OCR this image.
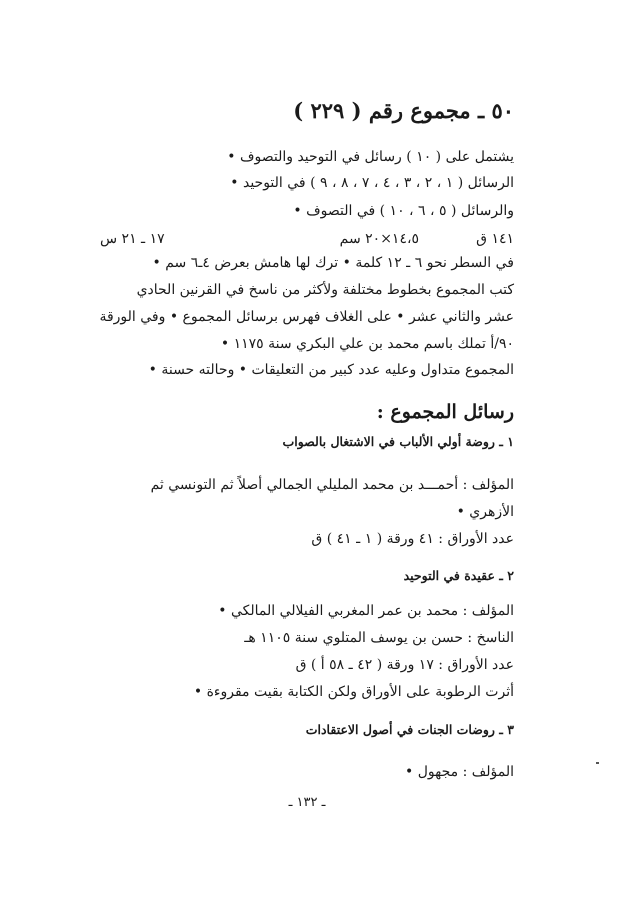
٥٠ ـ مجموع رقم ( ٢٢٩ )
يشتمل على ( ١٠ ) رسائل في التوحيد والتصوف •
الرسائل ( ١ ، ٢ ، ٣ ، ٤ ، ٧ ، ٨ ، ٩ ) في التوحيد •
والرسائل ( ٥ ، ٦ ، ١٠ ) في التصوف •
١٤١ ق
١٤،٥×٢٠ سم
١٧ ـ ٢١ س
في السطر نحو ٦ ـ ١٢ كلمة • ترك لها هامش بعرض ٤ـ٦ سم •
كتب المجموع بخطوط مختلفة ولأكثر من ناسخ في القرنين الحادي
عشر والثاني عشر • على الغلاف فهرس برسائل المجموع • وفي الورقة
٩٠/أ تملك باسم محمد بن علي البكري سنة ١١٧٥ •
المجموع متداول وعليه عدد كبير من التعليقات • وحالته حسنة •
رسائل المجموع :
١ ـ روضة أولي الألباب في الاشتغال بالصواب
المؤلف : أحمـــد بن محمد المليلي الجمالي أصلاً ثم التونسي ثم
الأزهري •
عدد الأوراق : ٤١ ورقة ( ١ ـ ٤١ ) ق
٢ ـ عقيدة في التوحيد
المؤلف : محمد بن عمر المغربي الفيلالي المالكي •
الناسخ : حسن بن يوسف المتلوي سنة ١١٠٥ هـ
عدد الأوراق : ١٧ ورقة ( ٤٢ ـ ٥٨ أ ) ق
أثرت الرطوبة على الأوراق ولكن الكتابة بقيت مقروءة •
٣ ـ روضات الجنات في أصول الاعتقادات
المؤلف : مجهول •
ـ ١٣٢ ـ
